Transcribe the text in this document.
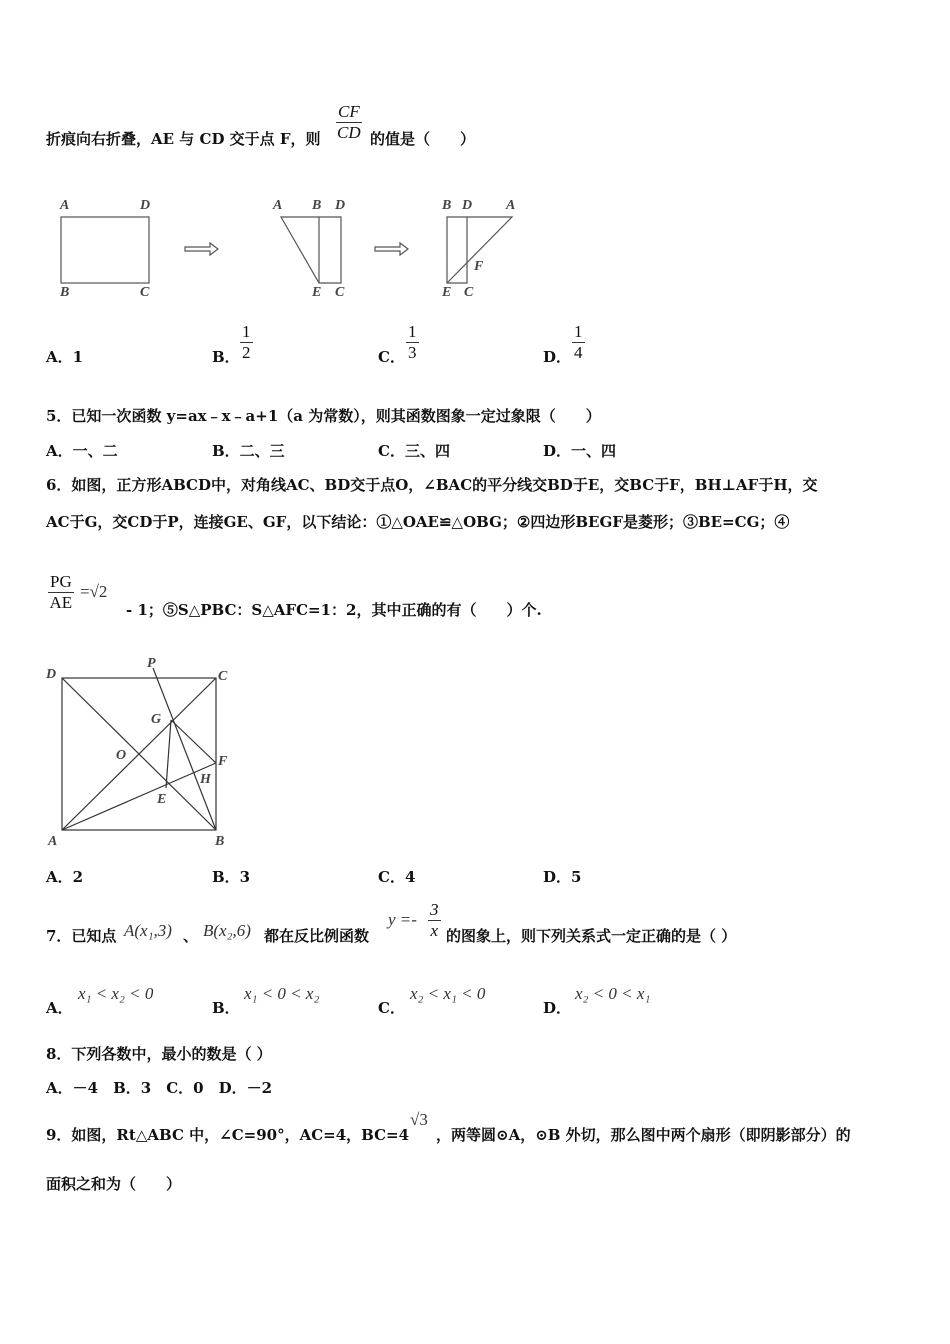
折痕向右折叠，AE 与 CD 交于点 F，则 $\frac{CF}{CD}$ 的值是（　　）
A	D
B	C
A B D
E C
B D A
F
E C
A．1	B． $\frac{1}{2}$	C． $\frac{1}{3}$	D． $\frac{1}{4}$
5．已知一次函数 y=ax﹣x﹣a+1（a 为常数），则其函数图象一定过象限（　　）
A．一、二	B．二、三	C．三、四	D．一、四
6．如图，正方形ABCD中，对角线AC、BD交于点O，∠BAC的平分线交BD于E，交BC于F，BH⊥AF于H，交
AC于G，交CD于P，连接GE、GF，以下结论：①△OAE≌△OBG；②四边形BEGF是菱形；③BE=CG；④
$\frac{PG}{AE} =√2$
- 1；⑤S△PBC：S△AFC=1：2，其中正确的有（　　）个.
D
P
C
G
O	F
H
E
A	B
A．2	B．3	C．4	D．5
7．已知点 A(x₁,3) 、 B(x₂,6) 都在反比例函数
$y =- \frac{3}{x}$ 的图象上，则下列关系式一定正确的是（ ）
A．
x₁ < x₂ < 0
B．
x₁ < 0 < x₂
C．
x₂ < x₁ < 0
D．
x₂ < 0 < x₁
8．下列各数中，最小的数是（ ）
A．－4　B．3　C．0　D．－2
9．如图，Rt△ABC 中，∠C=90°，AC=4，BC=4
√3
，两等圆⊙A，⊙B 外切，那么图中两个扇形（即阴影部分）的
面积之和为（　　）
